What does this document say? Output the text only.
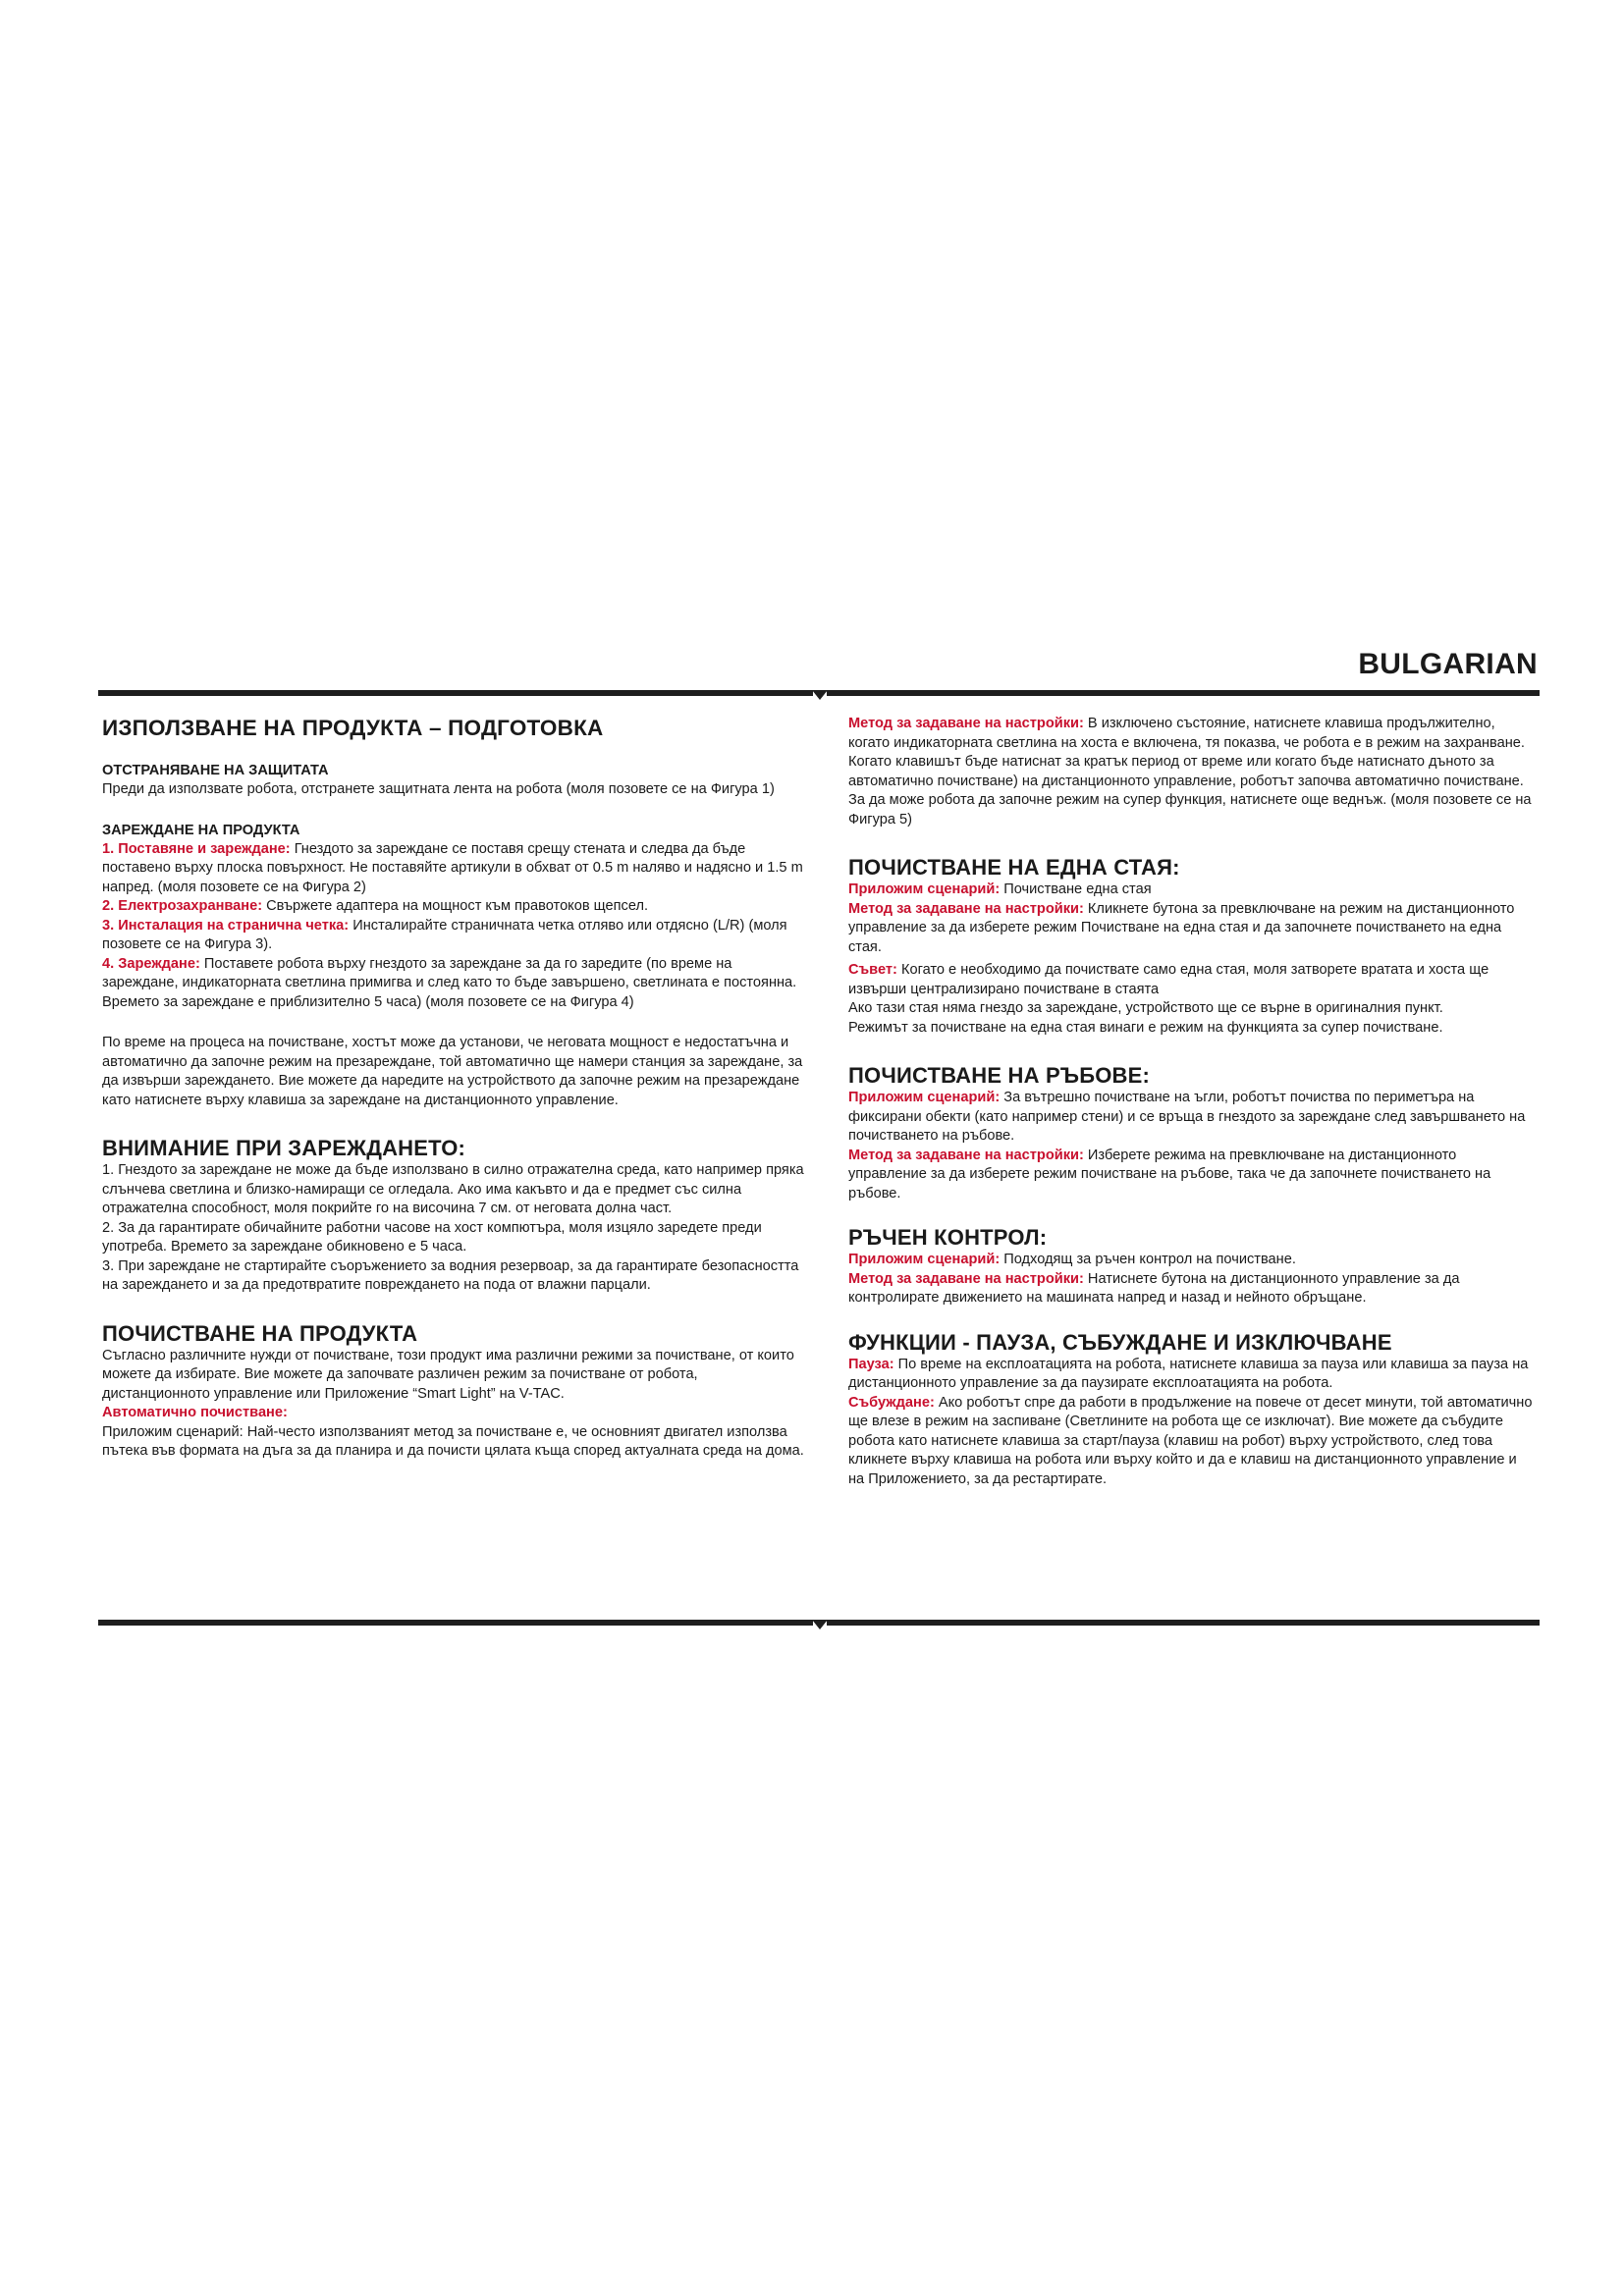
BULGARIAN
ИЗПОЛЗВАНЕ НА ПРОДУКТА – ПОДГОТОВКА
ОТСТРАНЯВАНЕ НА ЗАЩИТАТА

Преди да използвате робота, отстранете защитната лента на робота (моля позовете се на Фигура 1)

ЗАРЕЖДАНЕ НА ПРОДУКТА

1. Поставяне и зареждане: Гнездото за зареждане се поставя срещу стената и следва да бъде поставено върху плоска повърхност. Не поставяйте артикули в обхват от 0.5 m наляво и надясно и 1.5 m напред. (моля позовете се на Фигура 2)

2. Електрозахранване: Свържете адаптера на мощност към правотоков щепсел.

3. Инсталация на странична четка: Инсталирайте страничната четка отляво или отдясно (L/R) (моля позовете се на Фигура 3).

4. Зареждане: Поставете робота върху гнездото за зареждане за да го заредите (по време на зареждане, индикаторната светлина примигва и след като то бъде завършено, светлината е постоянна. Времето за зареждане е приблизително 5 часа) (моля позовете се на Фигура 4)

По време на процеса на почистване, хостът може да установи, че неговата мощност е недостатъчна и автоматично да започне режим на презареждане, той автоматично ще намери станция за зареждане, за да извърши зареждането. Вие можете да наредите на устройството да започне режим на презареждане като натиснете върху клавиша за зареждане на дистанционното управление.

ВНИМАНИЕ ПРИ ЗАРЕЖДАНЕТО:

1. Гнездото за зареждане не може да бъде използвано в силно отражателна среда, като например пряка слънчева светлина и близко-намиращи се огледала. Ако има какъвто и да е предмет със силна отражателна способност, моля покрийте го на височина 7 см. от неговата долна част.

2. За да гарантирате обичайните работни часове на хост компютъра, моля изцяло заредете преди употреба. Времето за зареждане обикновено е 5 часа.

3. При зареждане не стартирайте съоръжението за водния резервоар, за да гарантирате безопасността на зареждането и за да предотвратите повреждането на пода от влажни парцали.

ПОЧИСТВАНЕ НА ПРОДУКТА

Съгласно различните нужди от почистване, този продукт има различни режими за почистване, от които можете да избирате. Вие можете да започвате различен режим за почистване от робота, дистанционното управление или Приложение “Smart Light” на V-TAC.

Автоматично почистване:

Приложим сценарий: Най-често използваният метод за почистване е, че основният двигател използва пътека във формата на дъга за да планира и да почисти цялата къща според актуалната среда на дома.

Метод за задаване на настройки: В изключено състояние, натиснете клавиша продължително, когато индикаторната светлина на хоста е включена, тя показва, че робота е в режим на захранване. Когато клавишът бъде натиснат за кратък период от време или когато бъде натиснато дъното за автоматично почистване) на дистанционното управление, роботът започва автоматично почистване.

За да може робота да започне режим на супер функция, натиснете още веднъж. (моля позовете се на Фигура 5)

ПОЧИСТВАНЕ НА ЕДНА СТАЯ:

Приложим сценарий: Почистване една стая

Метод за задаване на настройки: Кликнете бутона за превключване на режим на дистанционното управление за да изберете режим Почистване на една стая и да започнете почистването на една стая.

Съвет: Когато е необходимо да почиствате само една стая, моля затворете вратата и хоста ще извърши централизирано почистване в стаята

Ако тази стая няма гнездо за зареждане, устройството ще се върне в оригиналния пункт.

Режимът за почистване на една стая винаги е режим на функцията за супер почистване.

ПОЧИСТВАНЕ НА РЪБОВЕ:

Приложим сценарий: За вътрешно почистване на ъгли, роботът почиства по периметъра на фиксирани обекти (като например стени) и се връща в гнездото за зареждане след завършването на почистването на ръбове.

Метод за задаване на настройки: Изберете режима на превключване на дистанционното управление за да изберете режим почистване на ръбове, така че да започнете почистването на ръбове.

РЪЧЕН КОНТРОЛ:

Приложим сценарий: Подходящ за ръчен контрол на почистване.

Метод за задаване на настройки: Натиснете бутона на дистанционното управление за да контролирате движението на машината напред и назад и нейното обръщане.

ФУНКЦИИ - ПАУЗА, СЪБУЖДАНЕ И ИЗКЛЮЧВАНЕ

Пауза: По време на експлоатацията на робота, натиснете клавиша за пауза или клавиша за пауза на дистанционното управление за да паузирате експлоатацията на робота.

Събуждане: Ако роботът спре да работи в продължение на повече от десет минути, той автоматично ще влезе в режим на заспиване (Светлините на робота ще се изключат). Вие можете да събудите робота като натиснете клавиша за старт/пауза (клавиш на робот) върху устройството, след това кликнете върху клавиша на робота или върху който и да е клавиш на дистанционното управление и на Приложението, за да рестартирате.
